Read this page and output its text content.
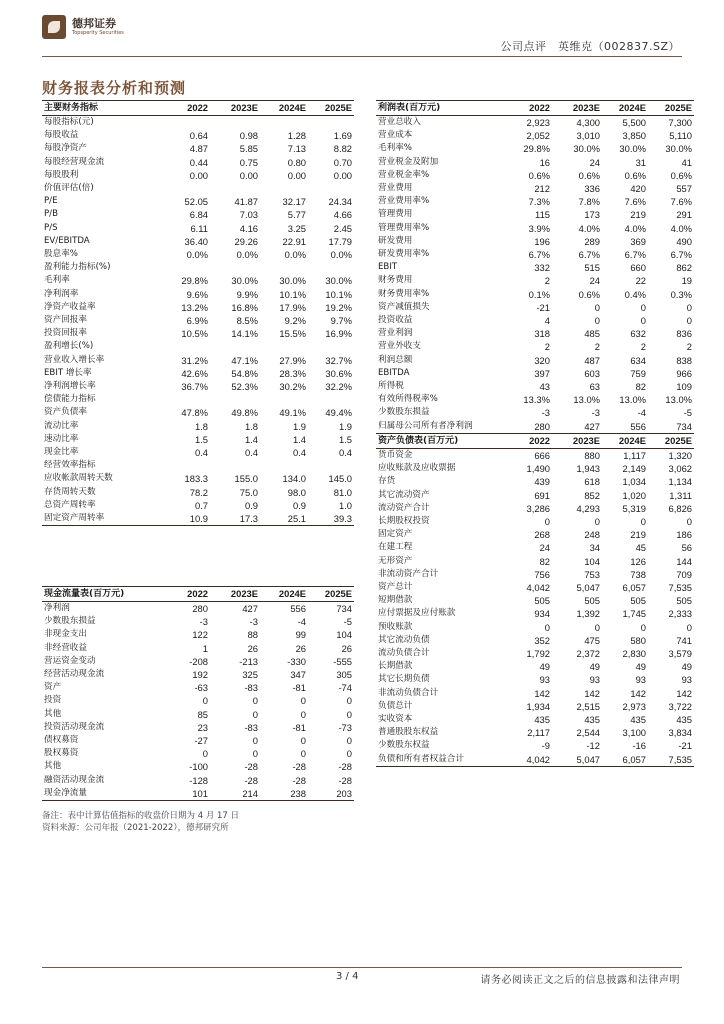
德邦证券
Topsperity Securities
公司点评　英维克（002837.SZ）
财务报表分析和预测
主要财务指标	2022	2023E	2024E	2025E
每股指标(元)				
每股收益	0.64	0.98	1.28	1.69
每股净资产	4.87	5.85	7.13	8.82
每股经营现金流	0.44	0.75	0.80	0.70
每股股利	0.00	0.00	0.00	0.00
价值评估(倍)				
P/E	52.05	41.87	32.17	24.34
P/B	6.84	7.03	5.77	4.66
P/S	6.11	4.16	3.25	2.45
EV/EBITDA	36.40	29.26	22.91	17.79
股息率%	0.0%	0.0%	0.0%	0.0%
盈利能力指标(%)				
毛利率	29.8%	30.0%	30.0%	30.0%
净利润率	9.6%	9.9%	10.1%	10.1%
净资产收益率	13.2%	16.8%	17.9%	19.2%
资产回报率	6.9%	8.5%	9.2%	9.7%
投资回报率	10.5%	14.1%	15.5%	16.9%
盈利增长(%)				
营业收入增长率	31.2%	47.1%	27.9%	32.7%
EBIT 增长率	42.6%	54.8%	28.3%	30.6%
净利润增长率	36.7%	52.3%	30.2%	32.2%
偿债能力指标				
资产负债率	47.8%	49.8%	49.1%	49.4%
流动比率	1.8	1.8	1.9	1.9
速动比率	1.5	1.4	1.4	1.5
现金比率	0.4	0.4	0.4	0.4
经营效率指标				
应收帐款周转天数	183.3	155.0	134.0	145.0
存货周转天数	78.2	75.0	98.0	81.0
总资产周转率	0.7	0.9	0.9	1.0
固定资产周转率	10.9	17.3	25.1	39.3
利润表(百万元)	2022	2023E	2024E	2025E
营业总收入	2,923	4,300	5,500	7,300
营业成本	2,052	3,010	3,850	5,110
毛利率%	29.8%	30.0%	30.0%	30.0%
营业税金及附加	16	24	31	41
营业税金率%	0.6%	0.6%	0.6%	0.6%
营业费用	212	336	420	557
营业费用率%	7.3%	7.8%	7.6%	7.6%
管理费用	115	173	219	291
管理费用率%	3.9%	4.0%	4.0%	4.0%
研发费用	196	289	369	490
研发费用率%	6.7%	6.7%	6.7%	6.7%
EBIT	332	515	660	862
财务费用	2	24	22	19
财务费用率%	0.1%	0.6%	0.4%	0.3%
资产减值损失	-21	0	0	0
投资收益	4	0	0	0
营业利润	318	485	632	836
营业外收支	2	2	2	2
利润总额	320	487	634	838
EBITDA	397	603	759	966
所得税	43	63	82	109
有效所得税率%	13.3%	13.0%	13.0%	13.0%
少数股东损益	-3	-3	-4	-5
归属母公司所有者净利润	280	427	556	734
资产负债表(百万元)	2022	2023E	2024E	2025E
货币资金	666	880	1,117	1,320
应收账款及应收票据	1,490	1,943	2,149	3,062
存货	439	618	1,034	1,134
其它流动资产	691	852	1,020	1,311
流动资产合计	3,286	4,293	5,319	6,826
长期股权投资	0	0	0	0
固定资产	268	248	219	186
在建工程	24	34	45	56
无形资产	82	104	126	144
非流动资产合计	756	753	738	709
资产总计	4,042	5,047	6,057	7,535
短期借款	505	505	505	505
应付票据及应付账款	934	1,392	1,745	2,333
预收账款	0	0	0	0
其它流动负债	352	475	580	741
流动负债合计	1,792	2,372	2,830	3,579
长期借款	49	49	49	49
其它长期负债	93	93	93	93
非流动负债合计	142	142	142	142
负债总计	1,934	2,515	2,973	3,722
实收资本	435	435	435	435
普通股股东权益	2,117	2,544	3,100	3,834
少数股东权益	-9	-12	-16	-21
负债和所有者权益合计	4,042	5,047	6,057	7,535
现金流量表(百万元)	2022	2023E	2024E	2025E
净利润	280	427	556	734
少数股东损益	-3	-3	-4	-5
非现金支出	122	88	99	104
非经营收益	1	26	26	26
营运资金变动	-208	-213	-330	-555
经营活动现金流	192	325	347	305
资产	-63	-83	-81	-74
投资	0	0	0	0
其他	85	0	0	0
投资活动现金流	23	-83	-81	-73
债权募资	-27	0	0	0
股权募资	0	0	0	0
其他	-100	-28	-28	-28
融资活动现金流	-128	-28	-28	-28
现金净流量	101	214	238	203
备注：表中计算估值指标的收盘价日期为 4 月 17 日
资料来源：公司年报（2021-2022），德邦研究所
3 / 4	请务必阅读正文之后的信息披露和法律声明
